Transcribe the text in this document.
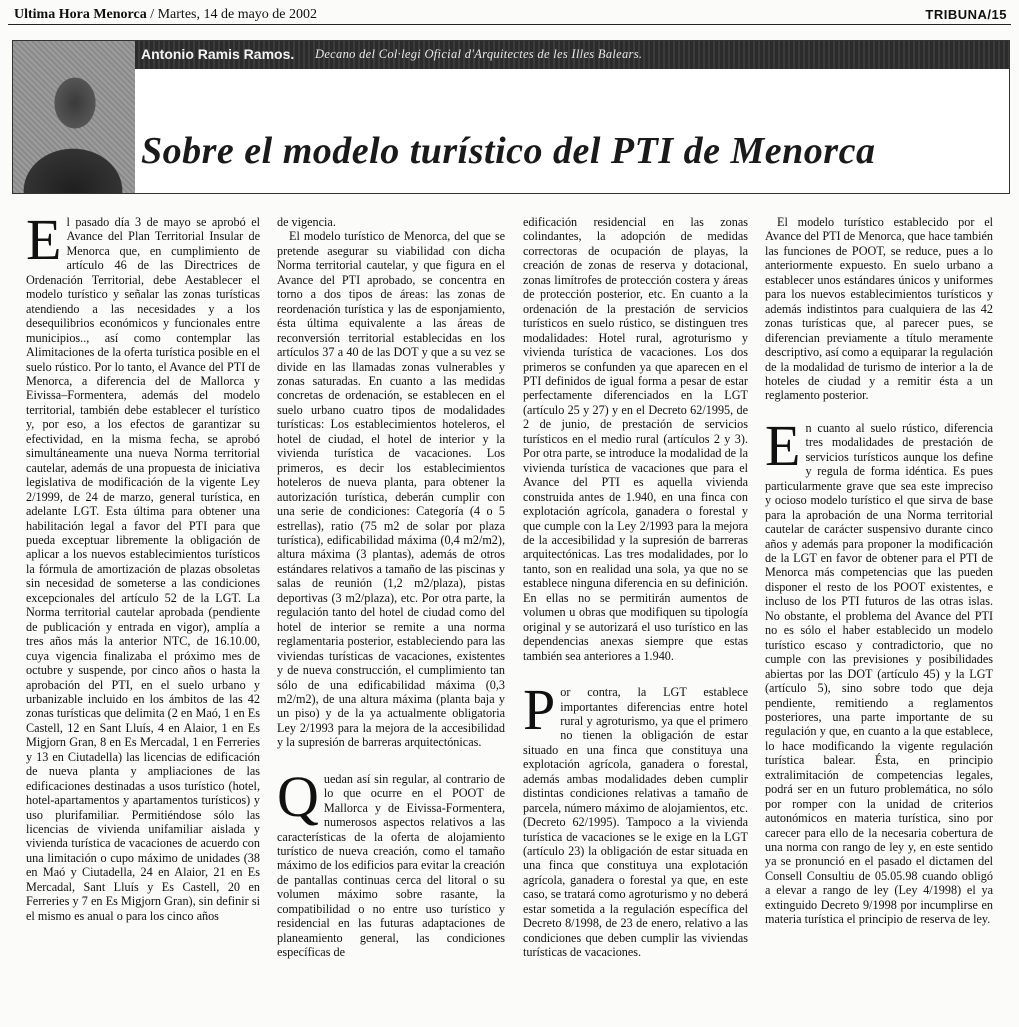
Ultima Hora Menorca / Martes, 14 de mayo de 2002	TRIBUNA/15
Antonio Ramis Ramos. Decano del Col·legi Oficial d'Arquitectes de les Illes Balears.
Sobre el modelo turístico del PTI de Menorca

El pasado día 3 de mayo se aprobó el Avance del Plan Territorial Insular de Menorca que, en cumplimiento de artículo 46 de las Directrices de Ordenación Territorial, debe Aestablecer el modelo turístico y señalar las zonas turísticas atendiendo a las necesidades y a los desequilibrios económicos y funcionales entre municipios.., así como contemplar las Alimitaciones de la oferta turística posible en el suelo rústico. Por lo tanto, el Avance del PTI de Menorca, a diferencia del de Mallorca y Eivissa–Formentera, además del modelo territorial, también debe establecer el turístico y, por eso, a los efectos de garantizar su efectividad, en la misma fecha, se aprobó simultáneamente una nueva Norma territorial cautelar, además de una propuesta de iniciativa legislativa de modificación de la vigente Ley 2/1999, de 24 de marzo, general turística, en adelante LGT. Esta última para obtener una habilitación legal a favor del PTI para que pueda exceptuar libremente la obligación de aplicar a los nuevos establecimientos turísticos la fórmula de amortización de plazas obsoletas sin necesidad de someterse a las condiciones excepcionales del artículo 52 de la LGT. La Norma territorial cautelar aprobada (pendiente de publicación y entrada en vigor), amplía a tres años más la anterior NTC, de 16.10.00, cuya vigencia finalizaba el próximo mes de octubre y suspende, por cinco años o hasta la aprobación del PTI, en el suelo urbano y urbanizable incluido en los ámbitos de las 42 zonas turísticas que delimita (2 en Maó, 1 en Es Castell, 12 en Sant Lluís, 4 en Alaior, 1 en Es Migjorn Gran, 8 en Es Mercadal, 1 en Ferreries y 13 en Ciutadella) las licencias de edificación de nueva planta y ampliaciones de las edificaciones destinadas a usos turístico (hotel, hotel-apartamentos y apartamentos turísticos) y uso plurifamiliar. Permitiéndose sólo las licencias de vivienda unifamiliar aislada y vivienda turística de vacaciones de acuerdo con una limitación o cupo máximo de unidades (38 en Maó y Ciutadella, 24 en Alaior, 21 en Es Mercadal, Sant Lluís y Es Castell, 20 en Ferreries y 7 en Es Migjorn Gran), sin definir si el mismo es anual o para los cinco años

de vigencia.

El modelo turístico de Menorca, del que se pretende asegurar su viabilidad con dicha Norma territorial cautelar, y que figura en el Avance del PTI aprobado, se concentra en torno a dos tipos de áreas: las zonas de reordenación turística y las de esponjamiento, ésta última equivalente a las áreas de reconversión territorial establecidas en los artículos 37 a 40 de las DOT y que a su vez se divide en las llamadas zonas vulnerables y zonas saturadas. En cuanto a las medidas concretas de ordenación, se establecen en el suelo urbano cuatro tipos de modalidades turísticas: Los establecimientos hoteleros, el hotel de ciudad, el hotel de interior y la vivienda turística de vacaciones. Los primeros, es decir los establecimientos hoteleros de nueva planta, para obtener la autorización turística, deberán cumplir con una serie de condiciones: Categoría (4 o 5 estrellas), ratio (75 m2 de solar por plaza turística), edificabilidad máxima (0,4 m2/m2), altura máxima (3 plantas), además de otros estándares relativos a tamaño de las piscinas y salas de reunión (1,2 m2/plaza), pistas deportivas (3 m2/plaza), etc. Por otra parte, la regulación tanto del hotel de ciudad como del hotel de interior se remite a una norma reglamentaria posterior, estableciendo para las viviendas turísticas de vacaciones, existentes y de nueva construcción, el cumplimiento tan sólo de una edificabilidad máxima (0,3 m2/m2), de una altura máxima (planta baja y un piso) y de la ya actualmente obligatoria Ley 2/1993 para la mejora de la accesibilidad y la supresión de barreras arquitectónicas.

Quedan así sin regular, al contrario de lo que ocurre en el POOT de Mallorca y de Eivissa-Formentera, numerosos aspectos relativos a las características de la oferta de alojamiento turístico de nueva creación, como el tamaño máximo de los edificios para evitar la creación de pantallas continuas cerca del litoral o su volumen máximo sobre rasante, la compatibilidad o no entre uso turístico y residencial en las futuras adaptaciones de planeamiento general, las condiciones específicas de

edificación residencial en las zonas colindantes, la adopción de medidas correctoras de ocupación de playas, la creación de zonas de reserva y dotacional, zonas limítrofes de protección costera y áreas de protección posterior, etc. En cuanto a la ordenación de la prestación de servicios turísticos en suelo rústico, se distinguen tres modalidades: Hotel rural, agroturismo y vivienda turística de vacaciones. Los dos primeros se confunden ya que aparecen en el PTI definidos de igual forma a pesar de estar perfectamente diferenciados en la LGT (artículo 25 y 27) y en el Decreto 62/1995, de 2 de junio, de prestación de servicios turísticos en el medio rural (artículos 2 y 3). Por otra parte, se introduce la modalidad de la vivienda turística de vacaciones que para el Avance del PTI es aquella vivienda construida antes de 1.940, en una finca con explotación agrícola, ganadera o forestal y que cumple con la Ley 2/1993 para la mejora de la accesibilidad y la supresión de barreras arquitectónicas. Las tres modalidades, por lo tanto, son en realidad una sola, ya que no se establece ninguna diferencia en su definición. En ellas no se permitirán aumentos de volumen u obras que modifiquen su tipología original y se autorizará el uso turístico en las dependencias anexas siempre que estas también sea anteriores a 1.940.

Por contra, la LGT establece importantes diferencias entre hotel rural y agroturismo, ya que el primero no tienen la obligación de estar situado en una finca que constituya una explotación agrícola, ganadera o forestal, además ambas modalidades deben cumplir distintas condiciones relativas a tamaño de parcela, número máximo de alojamientos, etc. (Decreto 62/1995). Tampoco a la vivienda turística de vacaciones se le exige en la LGT (artículo 23) la obligación de estar situada en una finca que constituya una explotación agrícola, ganadera o forestal ya que, en este caso, se tratará como agroturismo y no deberá estar sometida a la regulación específica del Decreto 8/1998, de 23 de enero, relativo a las condiciones que deben cumplir las viviendas turísticas de vacaciones.

El modelo turístico establecido por el Avance del PTI de Menorca, que hace también las funciones de POOT, se reduce, pues a lo anteriormente expuesto. En suelo urbano a establecer unos estándares únicos y uniformes para los nuevos establecimientos turísticos y además indistintos para cualquiera de las 42 zonas turísticas que, al parecer pues, se diferencian previamente a título meramente descriptivo, así como a equiparar la regulación de la modalidad de turismo de interior a la de hoteles de ciudad y a remitir ésta a un reglamento posterior.

En cuanto al suelo rústico, diferencia tres modalidades de prestación de servicios turísticos aunque los define y regula de forma idéntica. Es pues particularmente grave que sea este impreciso y ocioso modelo turístico el que sirva de base para la aprobación de una Norma territorial cautelar de carácter suspensivo durante cinco años y además para proponer la modificación de la LGT en favor de obtener para el PTI de Menorca más competencias que las pueden disponer el resto de los POOT existentes, e incluso de los PTI futuros de las otras islas. No obstante, el problema del Avance del PTI no es sólo el haber establecido un modelo turístico escaso y contradictorio, que no cumple con las previsiones y posibilidades abiertas por las DOT (artículo 45) y la LGT (artículo 5), sino sobre todo que deja pendiente, remitiendo a reglamentos posteriores, una parte importante de su regulación y que, en cuanto a la que establece, lo hace modificando la vigente regulación turística balear. Ésta, en principio extralimitación de competencias legales, podrá ser en un futuro problemática, no sólo por romper con la unidad de criterios autonómicos en materia turística, sino por carecer para ello de la necesaria cobertura de una norma con rango de ley y, en este sentido ya se pronunció en el pasado el dictamen del Consell Consultiu de 05.05.98 cuando obligó a elevar a rango de ley (Ley 4/1998) el ya extinguido Decreto 9/1998 por incumplirse en materia turística el principio de reserva de ley.
